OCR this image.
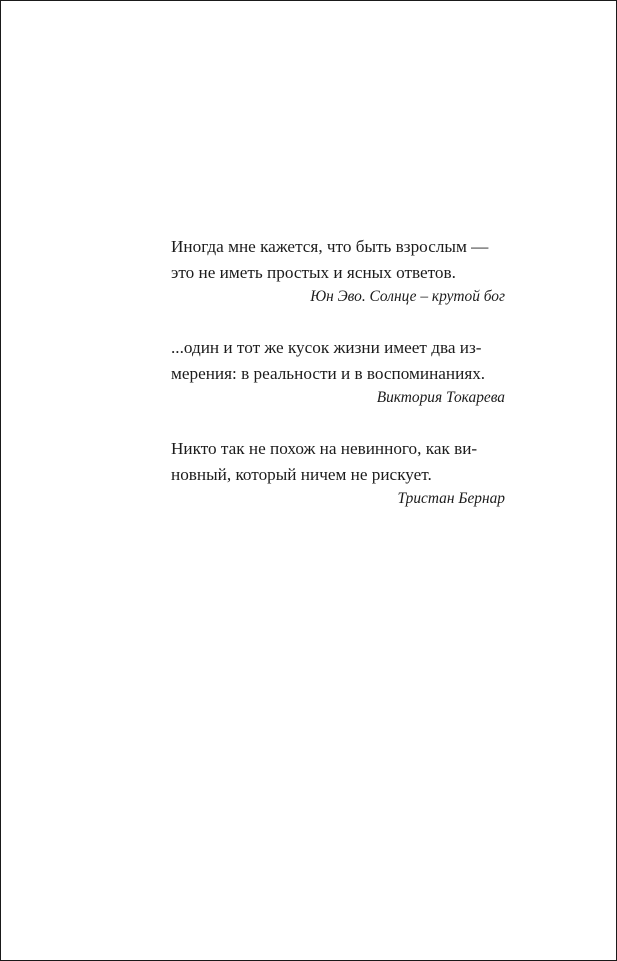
Иногда мне кажется, что быть взрослым —
это не иметь простых и ясных ответов.
Юн Эво. Солнце – крутой бог
...один и тот же кусок жизни имеет два из-
мерения: в реальности и в воспоминаниях.
Виктория Токарева
Никто так не похож на невинного, как ви-
новный, который ничем не рискует.
Тристан Бернар
